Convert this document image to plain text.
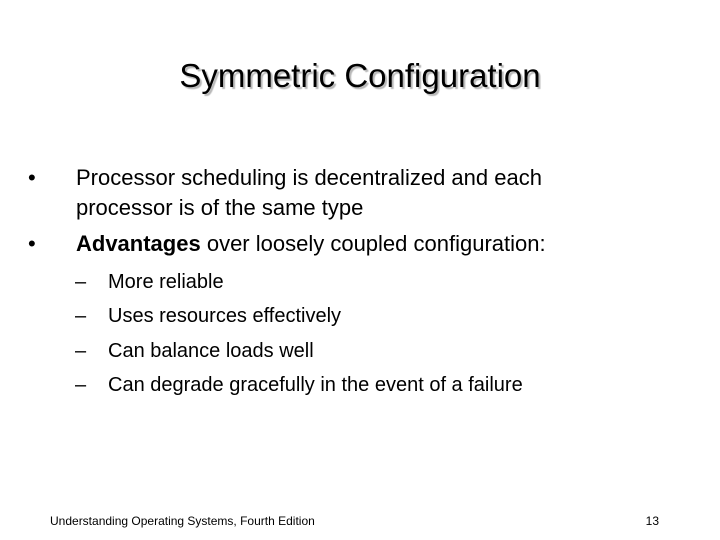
Symmetric Configuration
•	Processor scheduling is decentralized and each
processor is of the same type
•	Advantages over loosely coupled configuration:
–	More reliable
–	Uses resources effectively
–	Can balance loads well
–	Can degrade gracefully in the event of a failure
Understanding Operating Systems, Fourth Edition	13
